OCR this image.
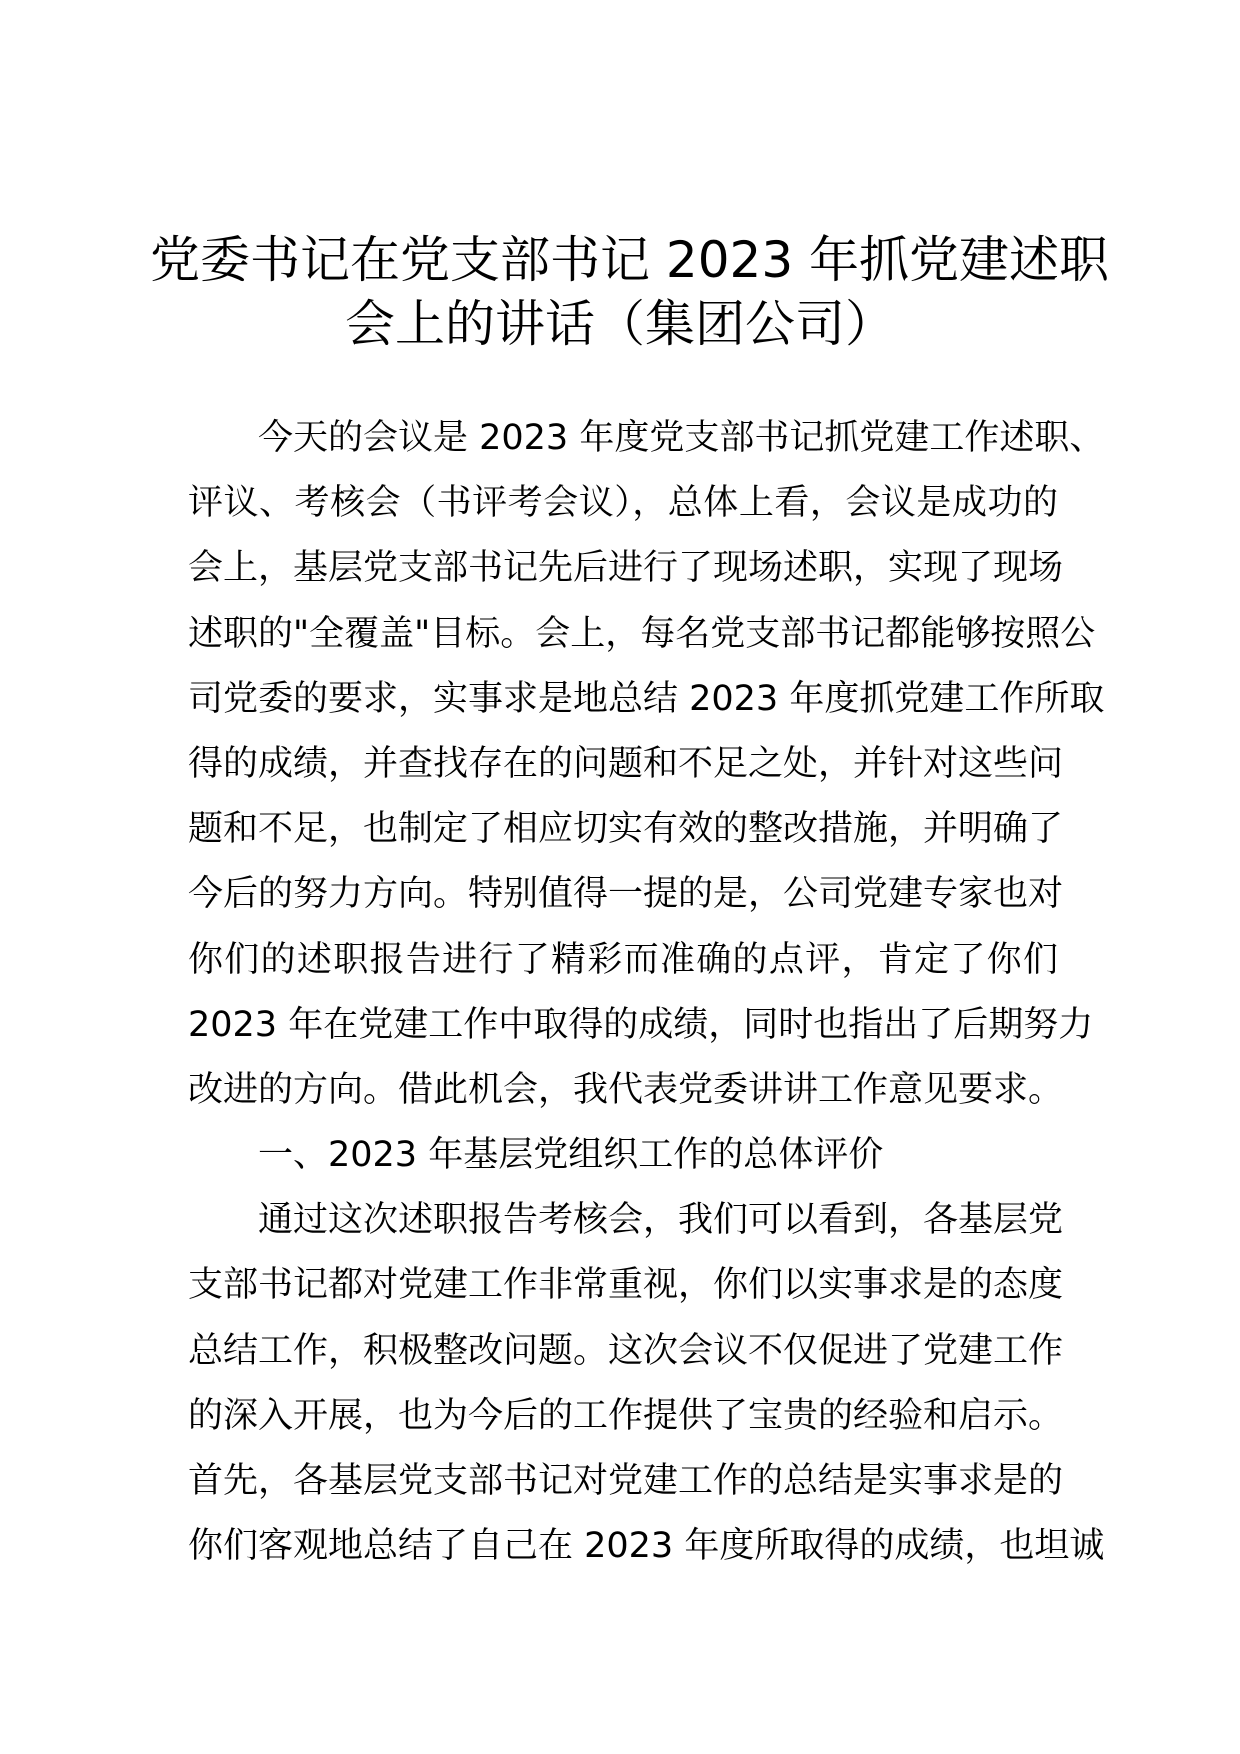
党委书记在党支部书记 2023 年抓党建述职
会上的讲话（集团公司）
今天的会议是 2023 年度党支部书记抓党建工作述职、
评议、考核会（书评考会议），总体上看，会议是成功的
会上，基层党支部书记先后进行了现场述职，实现了现场
述职的"全覆盖"目标。会上，每名党支部书记都能够按照公
司党委的要求，实事求是地总结 2023 年度抓党建工作所取
得的成绩，并查找存在的问题和不足之处，并针对这些问
题和不足，也制定了相应切实有效的整改措施，并明确了
今后的努力方向。特别值得一提的是，公司党建专家也对
你们的述职报告进行了精彩而准确的点评，肯定了你们
2023 年在党建工作中取得的成绩，同时也指出了后期努力
改进的方向。借此机会，我代表党委讲讲工作意见要求。
一、2023 年基层党组织工作的总体评价
通过这次述职报告考核会，我们可以看到，各基层党
支部书记都对党建工作非常重视，你们以实事求是的态度
总结工作，积极整改问题。这次会议不仅促进了党建工作
的深入开展，也为今后的工作提供了宝贵的经验和启示。
首先，各基层党支部书记对党建工作的总结是实事求是的
你们客观地总结了自己在 2023 年度所取得的成绩，也坦诚
